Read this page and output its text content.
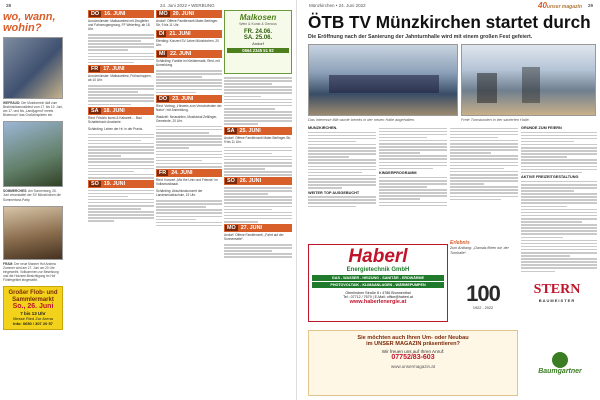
24. Juni 2022 • WERBUNG
28
wo, wann,
wohin?
WEFRAUD: Der Musikverein lädt zum Bezirksblasmusikfest vom 17. bis 19. Juni, am 17. und bis „Landjugend“ meets Bluemoon“ das Großeinspielen ein.
SOMMERCHES: Am Sonnenweg, 26. Juni veranstaltet der SV Münzkirchen die Sommertanz-Party.
FRAM: Der neue Manner Hof Andrea Zummer wird am 27. Juni um 20 Uhr eingeweiht. Vollkommen zur Besetzung und die Holzsee-Besichtigung im Hof Fünfergebiet eingeweiht.
Großer Flob- und Sammlermarkt
So., 26. Juni
7 bis 13 Uhr
Messe Ried Zur Arena
Info: 0650 / 307 20 57
DO 16. JUNI
Aurolzmünster: Maibaumfest mit Zeugleiter und Fahrzeugsegnung, FF Weierfing, ab 18 Uhr.
FR 17. JUNI
Aurolzmünster: Maibaumfest, Frühschoppen, ab 10 Uhr.
SA 18. JUNI
Ried: Frisörin kunst & Kabarett ... Bad Schallerbach Anatomie.
Schärding: Leben der Hr. in der Praxis.
SO 19. JUNI
MO 20. JUNI
Andorf: Offene Familienzeit Maier-Berlinger-Str, 9 bis 11 Uhr.
DI 21. JUNI
Eferding: Konzert SV Jahre Münzkirchen, 20 Uhr.
MI 22. JUNI
Schärding: Familie im Kleidermarkt, Ried, mit Anmeldung.
DO 23. JUNI
Ried: Vortrag, „Hinweis zum Verschwinden der Natur“; mit Anmeldung.
Waldzell: Neuwahlen, Musiklokal Zeitlinger, Gemeinde, 20 Uhr.
FR 24. JUNI
Ried: Konzert „Mix the Univ und Friends“ im Volksmusiksaal.
Schärding: Abschlusskonzert der Landesmusikschule, 19 Uhr.
Malkosen
Wein & Kunst & Genuss
FR. 24.06.
SA. 25.06.
Andorf
0664 2345 51 92
SA 25. JUNI
Andorf: Offene Familienzeit Maier-Berlinger-Str, 9 bis 11 Uhr.
SO 26. JUNI
MO 27. JUNI
Andorf: Offene Familienzeit, „Fahrt auf der Sonnenseite“.
Münzkirchen • 24. Juni 2022	40unser magazin 29
ÖTB TV Münzkirchen startet durch
Die Eröffnung nach der Sanierung der Jahnturnhalle wird mit einem großen Fest gefeiert.
Das Interesse fällt wurde bereits in der neuen Halle abgehalten.	Freie Turnstunden in der sanierten Halle.
MÜNZKIRCHEN.
WEITER TOP AUSGEBUCHT
KINDERPROGRAMM
GRÜNDE ZUM FEIERN
AKTIVE FREIZEITGESTALTUNG
Erlebnis
Zum Anklang: „Damals flirten wir, der Turnhalle“.
Haberl
Energietechnik GmbH
GAS - WASSER - HEIZUNG - SANITÄR - ERDWÄRME
PHOTOVOLTAIK - KLIMAANLAGEN - WÄRMEPUMPEN
Oberlindner Straße 8 • 4786 Brunnenthal
Tel.: 07712 / 7679 | E-Mail: office@haberl.at
www.haberlenergie.at	100
1922 - 2022
STERN
BAUMEISTER
Sie möchten auch Ihren Um- oder Neubau
im UNSER MAGAZIN präsentieren?
Wir freuen uns auf Ihren Anruf:
07752/83-603
www.unsermagazin.at
Baumgartner
